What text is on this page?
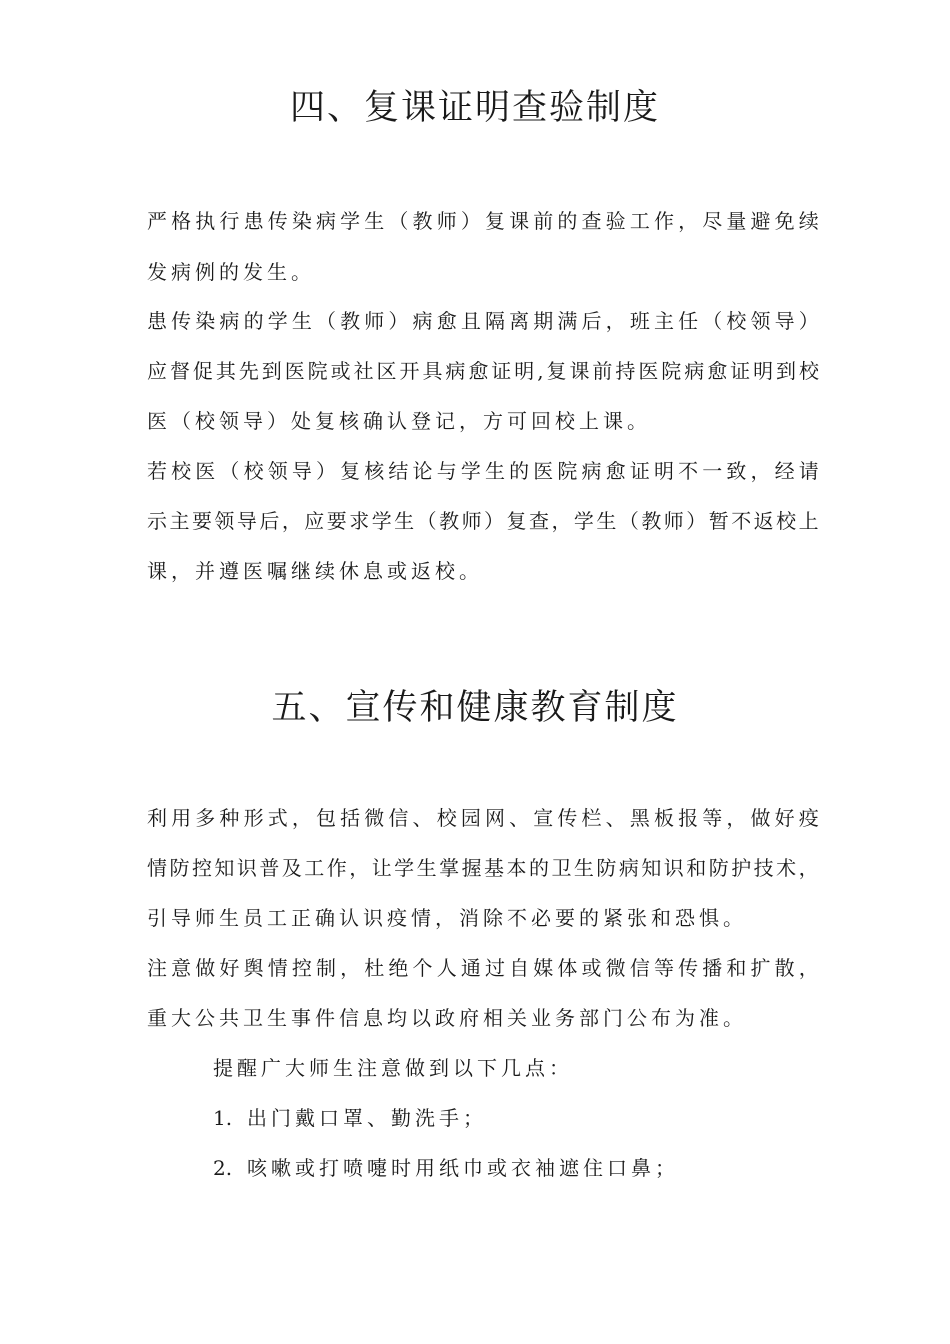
四、复课证明查验制度
严 格 执 行 患 传 染 病 学 生 （ 教 师 ） 复 课 前 的 查 验 工 作 ， 尽 量 避 免 续
发病例的发生。
患 传 染 病 的 学 生 （ 教 师 ） 病 愈 且 隔 离 期 满 后 ， 班 主 任 （ 校 领 导 ）
应 督 促 其 先 到 医 院 或 社 区 开 具 病 愈 证 明 , 复 课 前 持 医 院 病 愈 证 明 到 校
医（校领导）处复核确认登记，方可回校上课。
若 校 医 （ 校 领 导 ） 复 核 结 论 与 学 生 的 医 院 病 愈 证 明 不 一 致 ， 经 请
示 主 要 领 导 后 ， 应 要 求 学 生 （ 教 师 ） 复 查 ， 学 生 （ 教 师 ） 暂 不 返 校 上
课，并遵医嘱继续休息或返校。
五、宣传和健康教育制度
利 用 多 种 形 式 ， 包 括 微 信 、 校 园 网 、 宣 传 栏 、 黑 板 报 等 ， 做 好 疫
情 防 控 知 识 普 及 工 作 ， 让 学 生 掌 握 基 本 的 卫 生 防 病 知 识 和 防 护 技 术 ，
引导师生员工正确认识疫情，消除不必要的紧张和恐惧。
注 意 做 好 舆 情 控 制 ， 杜 绝 个 人 通 过 自 媒 体 或 微 信 等 传 播 和 扩 散 ，
重大公共卫生事件信息均以政府相关业务部门公布为准。
提醒广大师生注意做到以下几点：
1. 出门戴口罩、勤洗手；
2. 咳嗽或打喷嚏时用纸巾或衣袖遮住口鼻；
